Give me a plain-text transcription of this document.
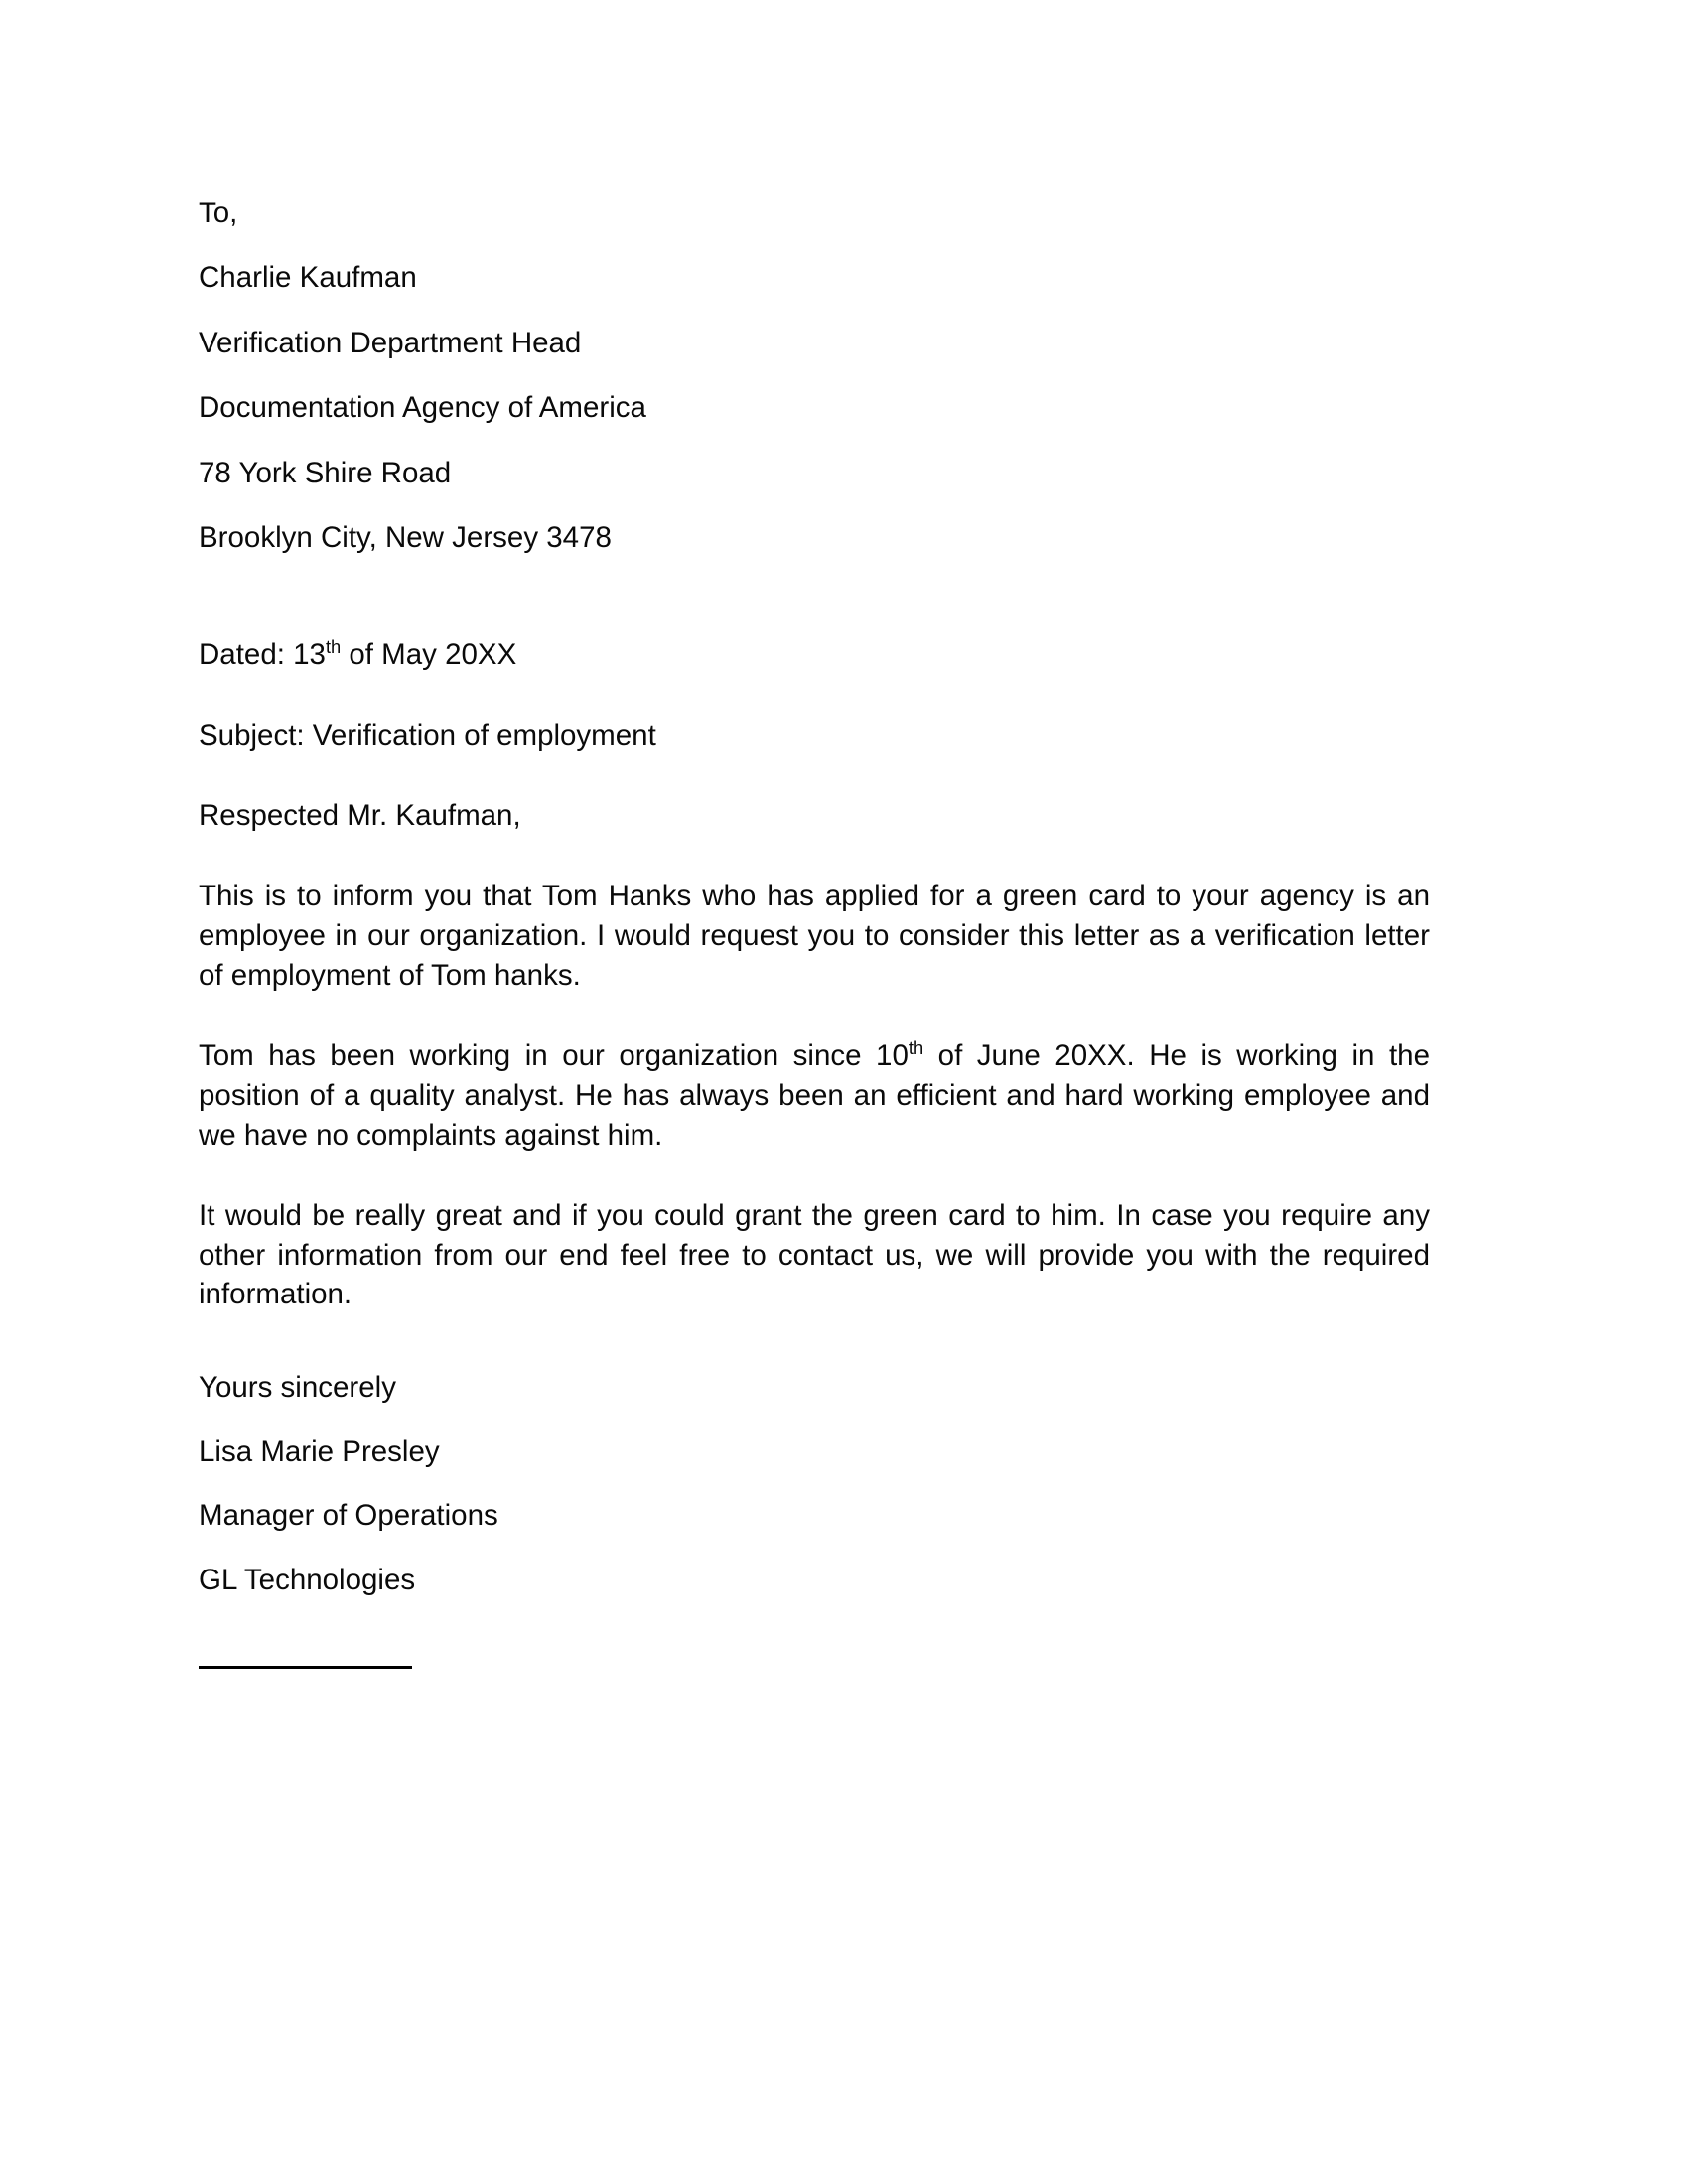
To,
Charlie Kaufman
Verification Department Head
Documentation Agency of America
78 York Shire Road
Brooklyn City, New Jersey 3478
Dated: 13th of May 20XX
Subject: Verification of employment
Respected Mr. Kaufman,
This is to inform you that Tom Hanks who has applied for a green card to your agency is an employee in our organization. I would request you to consider this letter as a verification letter of employment of Tom hanks.
Tom has been working in our organization since 10th of June 20XX. He is working in the position of a quality analyst. He has always been an efficient and hard working employee and we have no complaints against him.
It would be really great and if you could grant the green card to him. In case you require any other information from our end feel free to contact us, we will provide you with the required information.
Yours sincerely
Lisa Marie Presley
Manager of Operations
GL Technologies
